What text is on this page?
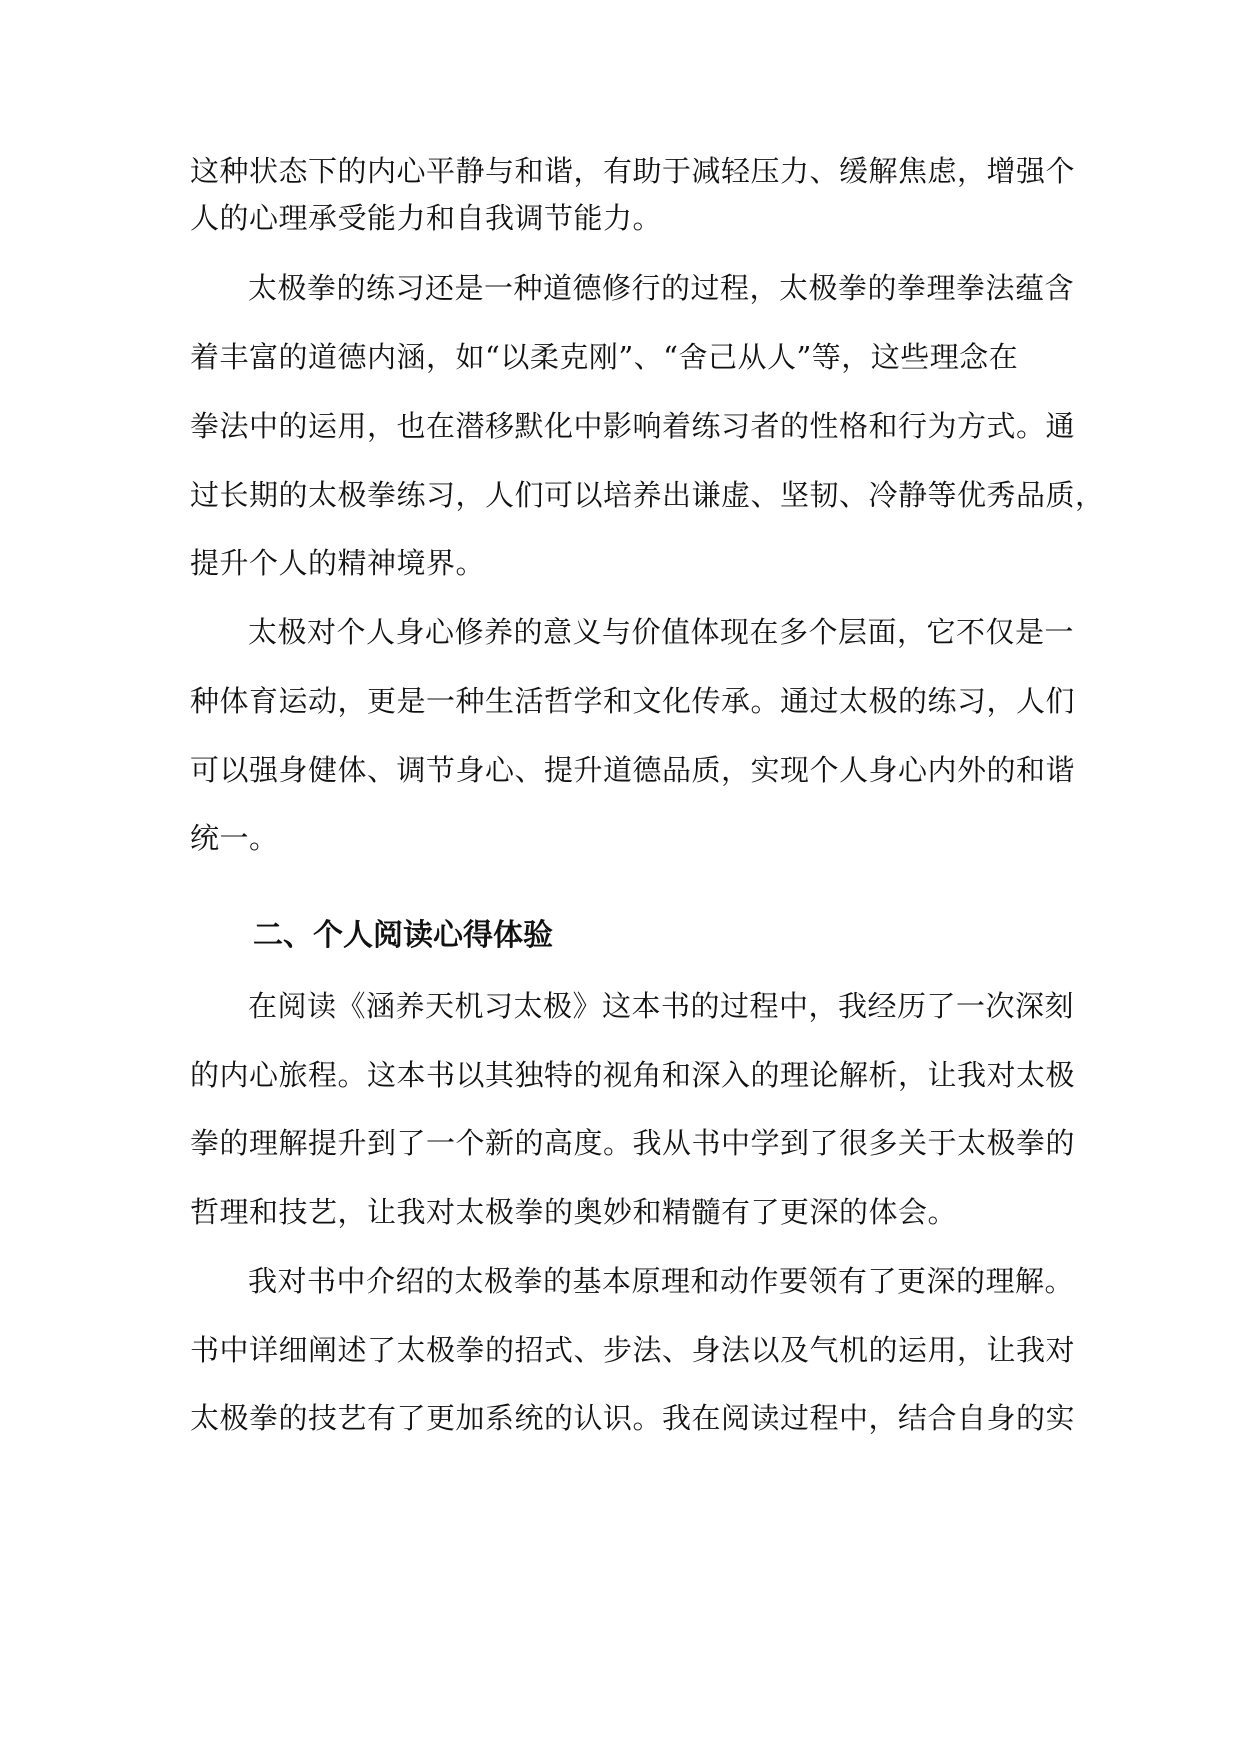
这种状态下的内心平静与和谐，有助于减轻压力、缓解焦虑，增强个
人的心理承受能力和自我调节能力。
太极拳的练习还是一种道德修行的过程，太极拳的拳理拳法蕴含
着丰富的道德内涵，如“以柔克刚”、“舍己从人”等，这些理念在
拳法中的运用，也在潜移默化中影响着练习者的性格和行为方式。通
过长期的太极拳练习，人们可以培养出谦虚、坚韧、冷静等优秀品质，
提升个人的精神境界。
太极对个人身心修养的意义与价值体现在多个层面，它不仅是一
种体育运动，更是一种生活哲学和文化传承。通过太极的练习，人们
可以强身健体、调节身心、提升道德品质，实现个人身心内外的和谐
统一。
二、个人阅读心得体验
在阅读《涵养天机习太极》这本书的过程中，我经历了一次深刻
的内心旅程。这本书以其独特的视角和深入的理论解析，让我对太极
拳的理解提升到了一个新的高度。我从书中学到了很多关于太极拳的
哲理和技艺，让我对太极拳的奥妙和精髓有了更深的体会。
我对书中介绍的太极拳的基本原理和动作要领有了更深的理解。
书中详细阐述了太极拳的招式、步法、身法以及气机的运用，让我对
太极拳的技艺有了更加系统的认识。我在阅读过程中，结合自身的实
